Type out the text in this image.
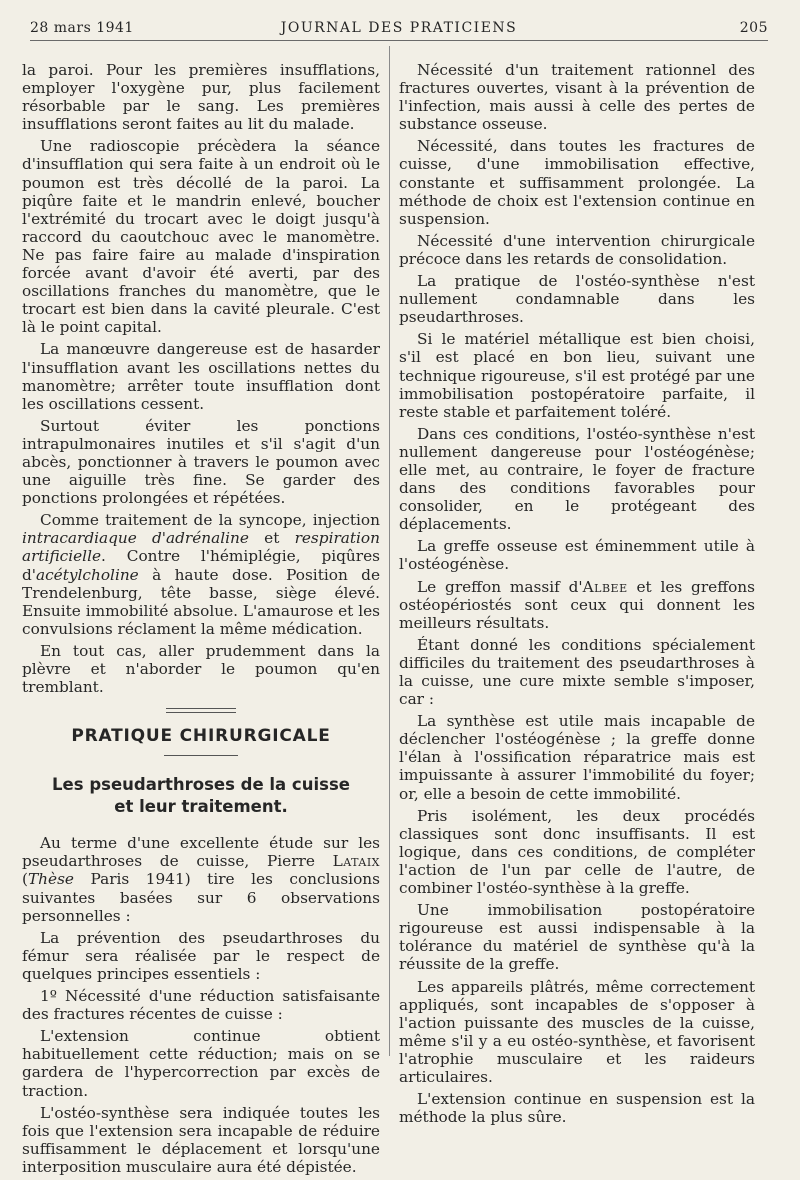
28 mars 1941	JOURNAL DES PRATICIENS	205

la paroi. Pour les premières insufflations, employer l'oxygène pur, plus facilement résorbable par le sang. Les premières insufflations seront faites au lit du malade.

Une radioscopie précèdera la séance d'insufflation qui sera faite à un endroit où le poumon est très décollé de la paroi. La piqûre faite et le mandrin enlevé, boucher l'extrémité du trocart avec le doigt jusqu'à raccord du caoutchouc avec le manomètre. Ne pas faire faire au malade d'inspiration forcée avant d'avoir été averti, par des oscillations franches du manomètre, que le trocart est bien dans la cavité pleurale. C'est là le point capital.

La manœuvre dangereuse est de hasarder l'insufflation avant les oscillations nettes du manomètre; arrêter toute insufflation dont les oscillations cessent.

Surtout éviter les ponctions intrapulmonaires inutiles et s'il s'agit d'un abcès, ponctionner à travers le poumon avec une aiguille très fine. Se garder des ponctions prolongées et répétées.

Comme traitement de la syncope, injection intracardiaque d'adrénaline et respiration artificielle. Contre l'hémiplégie, piqûres d'acétylcholine à haute dose. Position de Trendelenburg, tête basse, siège élevé. Ensuite immobilité absolue. L'amaurose et les convulsions réclament la même médication.

En tout cas, aller prudemment dans la plèvre et n'aborder le poumon qu'en tremblant.

PRATIQUE CHIRURGICALE
Les pseudarthroses de la cuisse
et leur traitement.

Au terme d'une excellente étude sur les pseudarthroses de cuisse, Pierre Lataix (Thèse Paris 1941) tire les conclusions suivantes basées sur 6 observations personnelles :

La prévention des pseudarthroses du fémur sera réalisée par le respect de quelques principes essentiels :

1º Nécessité d'une réduction satisfaisante des fractures récentes de cuisse :

L'extension continue obtient habituellement cette réduction; mais on se gardera de l'hypercorrection par excès de traction.

L'ostéo-synthèse sera indiquée toutes les fois que l'extension sera incapable de réduire suffisamment le déplacement et lorsqu'une interposition musculaire aura été dépistée.

Nécessité d'un traitement rationnel des fractures ouvertes, visant à la prévention de l'infection, mais aussi à celle des pertes de substance osseuse.

Nécessité, dans toutes les fractures de cuisse, d'une immobilisation effective, constante et suffisamment prolongée. La méthode de choix est l'extension continue en suspension.

Nécessité d'une intervention chirurgicale précoce dans les retards de consolidation.

La pratique de l'ostéo-synthèse n'est nullement condamnable dans les pseudarthroses.

Si le matériel métallique est bien choisi, s'il est placé en bon lieu, suivant une technique rigoureuse, s'il est protégé par une immobilisation postopératoire parfaite, il reste stable et parfaitement toléré.

Dans ces conditions, l'ostéo-synthèse n'est nullement dangereuse pour l'ostéogénèse; elle met, au contraire, le foyer de fracture dans des conditions favorables pour consolider, en le protégeant des déplacements.

La greffe osseuse est éminemment utile à l'ostéogénèse.

Le greffon massif d'Albee et les greffons ostéopériostés sont ceux qui donnent les meilleurs résultats.

Étant donné les conditions spécialement difficiles du traitement des pseudarthroses à la cuisse, une cure mixte semble s'imposer, car :

La synthèse est utile mais incapable de déclencher l'ostéogénèse ; la greffe donne l'élan à l'ossification réparatrice mais est impuissante à assurer l'immobilité du foyer; or, elle a besoin de cette immobilité.

Pris isolément, les deux procédés classiques sont donc insuffisants. Il est logique, dans ces conditions, de compléter l'action de l'un par celle de l'autre, de combiner l'ostéo-synthèse à la greffe.

Une immobilisation postopératoire rigoureuse est aussi indispensable à la tolérance du matériel de synthèse qu'à la réussite de la greffe.

Les appareils plâtrés, même correctement appliqués, sont incapables de s'opposer à l'action puissante des muscles de la cuisse, même s'il y a eu ostéo-synthèse, et favorisent l'atrophie musculaire et les raideurs articulaires.

L'extension continue en suspension est la méthode la plus sûre.
